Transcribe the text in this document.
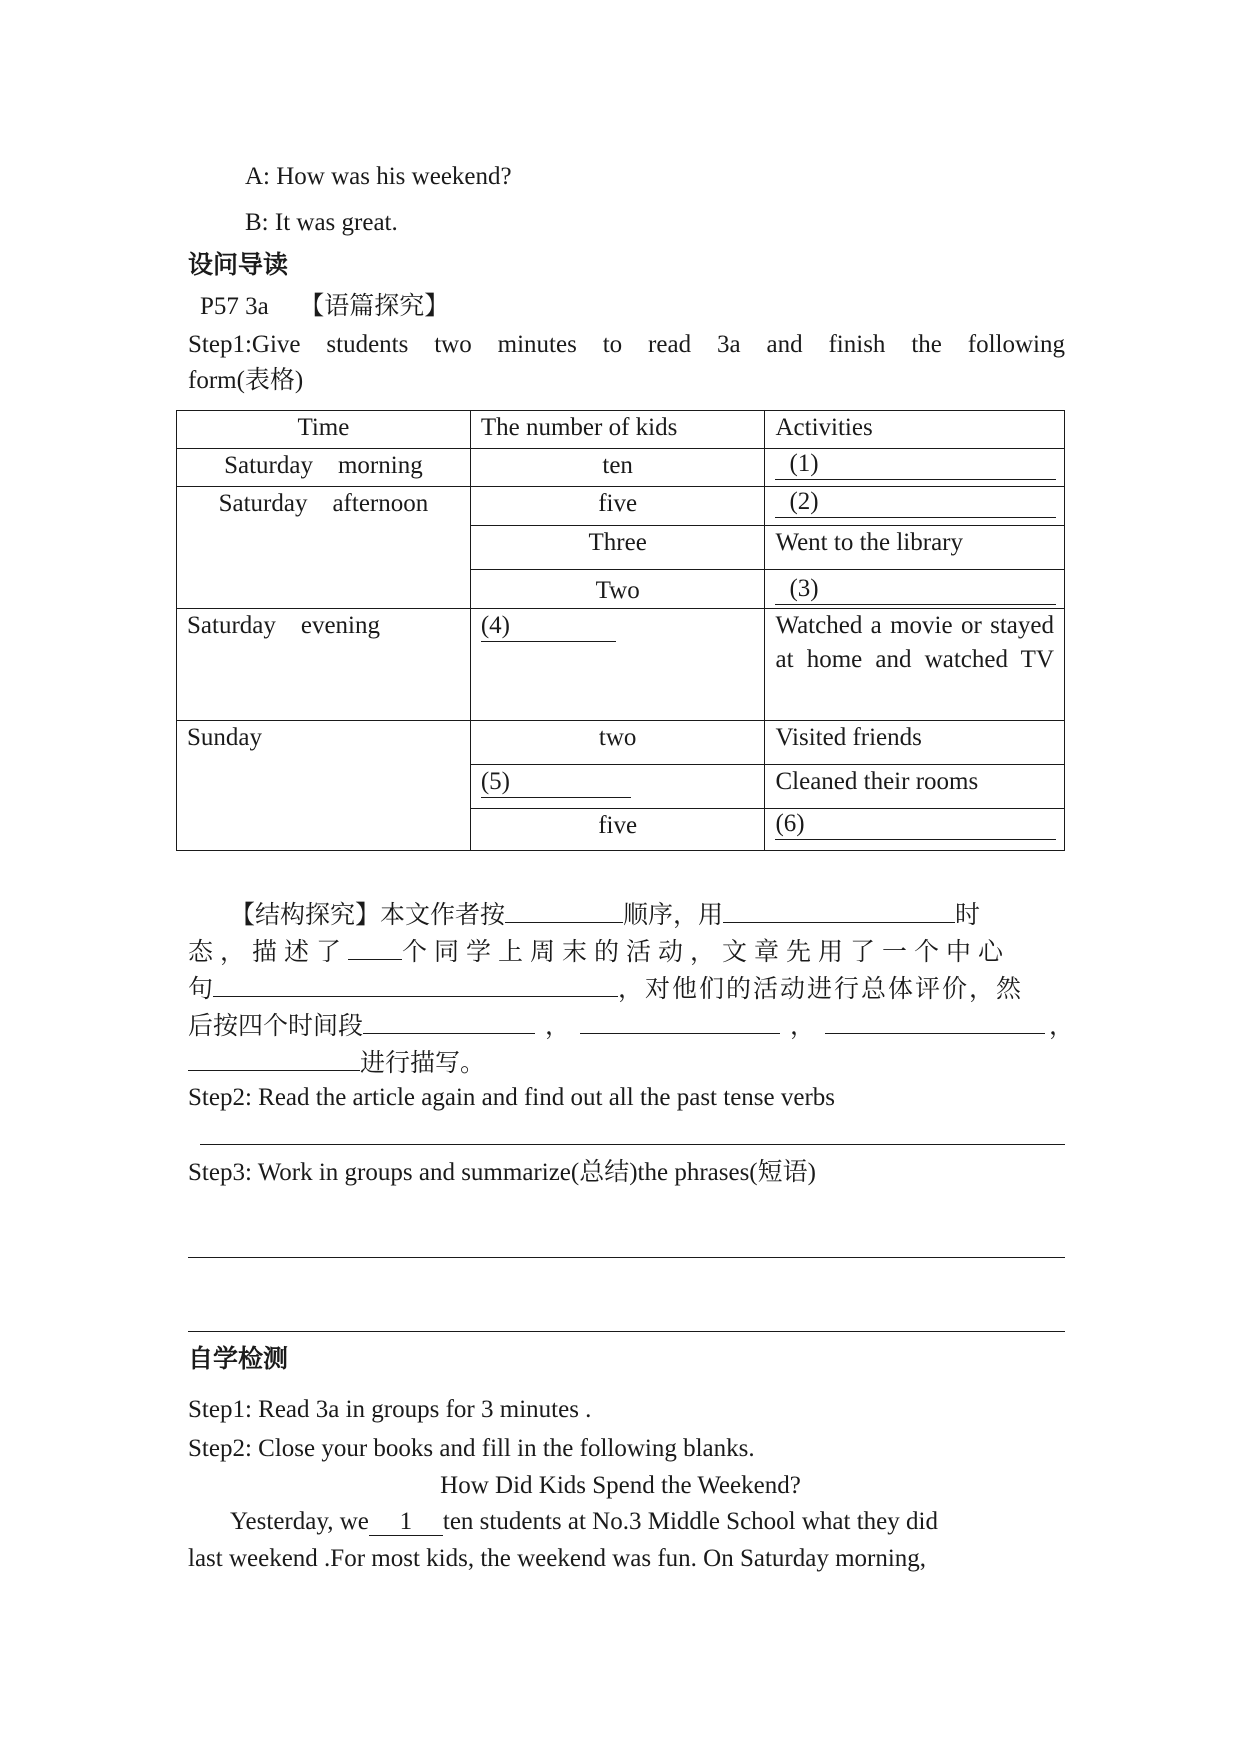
A: How was his weekend?
B: It was great.
设问导读
P57 3a 【语篇探究】
Step1:Give students two minutes to read 3a and finish the following
form(表格)
Time	The number of kids	Activities
Saturday    morning	ten	(1)

Saturday    afternoon	five	(2)

	Three	Went to the library
	Two	(3)

Saturday    evening	(4)	Watched a movie or stayed at home and watched TV
Sunday	two	Visited friends
	(5)	Cleaned their rooms
	five	(6)
【结构探究】本文作者按	顺序，用	时
态，描述了 个同学上周末的活动，文章先用了一个中心
句	，对他们的活动进行总体评价，然
后按四个时间段	，	，	，
进行描写。
Step2: Read the article again and find out all the past tense verbs
Step3: Work in groups and summarize(总结)the phrases(短语)
自学检测
Step1: Read 3a in groups for 3 minutes .
Step2: Close your books and fill in the following blanks.
How Did Kids Spend the Weekend?
Yesterday, we 1 ten students at No.3 Middle School what they did
last weekend .For most kids, the weekend was fun. On Saturday morning,
